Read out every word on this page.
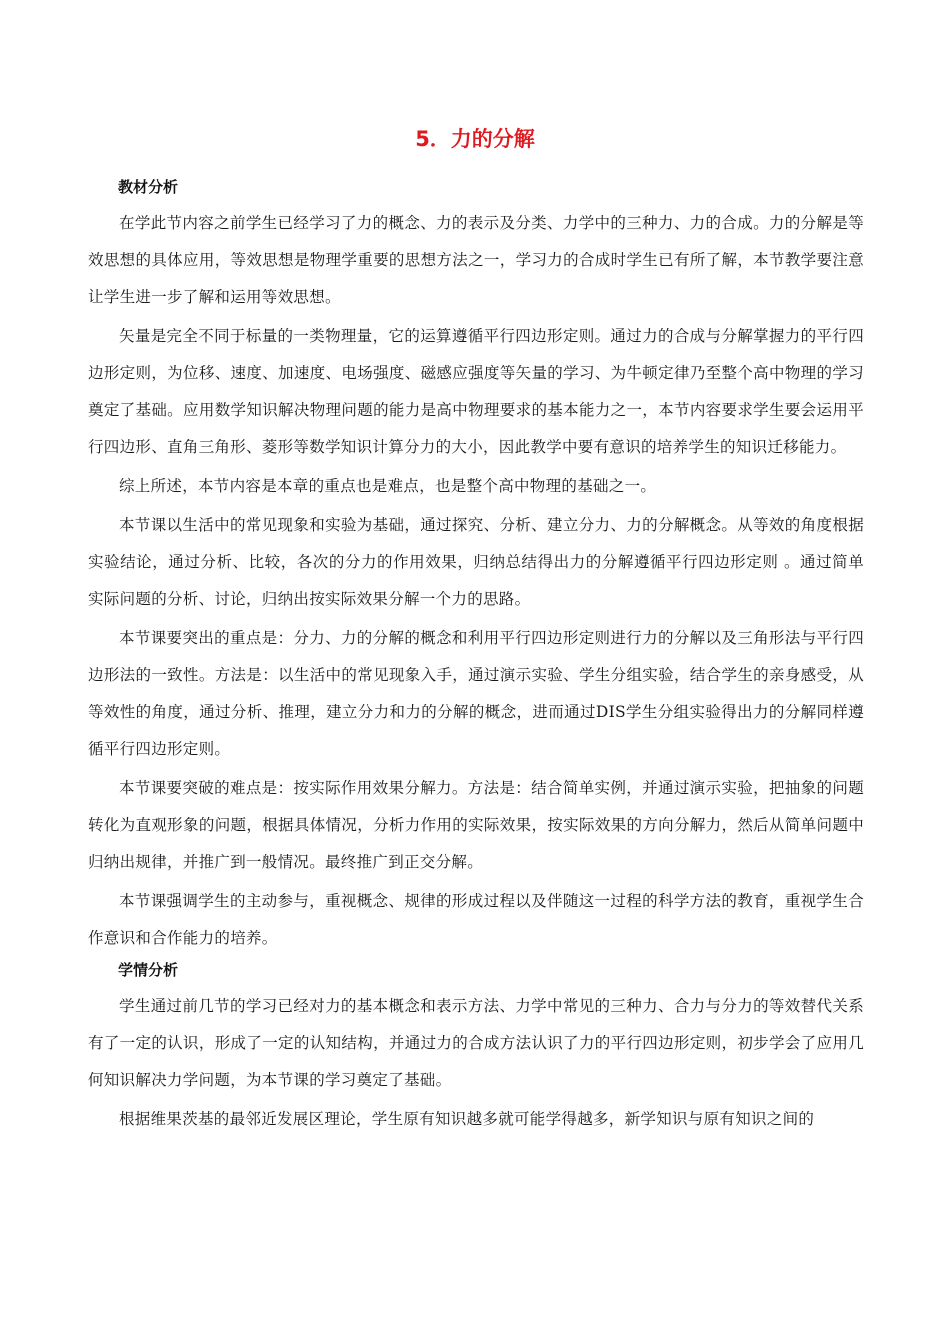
5．力的分解
教材分析

在学此节内容之前学生已经学习了力的概念、力的表示及分类、力学中的三种力、力的合成。力的分解是等效思想的具体应用，等效思想是物理学重要的思想方法之一，学习力的合成时学生已有所了解，本节教学要注意让学生进一步了解和运用等效思想。

矢量是完全不同于标量的一类物理量，它的运算遵循平行四边形定则。通过力的合成与分解掌握力的平行四边形定则，为位移、速度、加速度、电场强度、磁感应强度等矢量的学习、为牛顿定律乃至整个高中物理的学习奠定了基础。应用数学知识解决物理问题的能力是高中物理要求的基本能力之一，本节内容要求学生要会运用平行四边形、直角三角形、菱形等数学知识计算分力的大小，因此教学中要有意识的培养学生的知识迁移能力。

综上所述，本节内容是本章的重点也是难点，也是整个高中物理的基础之一。

本节课以生活中的常见现象和实验为基础，通过探究、分析、建立分力、力的分解概念。从等效的角度根据实验结论，通过分析、比较，各次的分力的作用效果，归纳总结得出力的分解遵循平行四边形定则 。通过简单实际问题的分析、讨论，归纳出按实际效果分解一个力的思路。

本节课要突出的重点是：分力、力的分解的概念和利用平行四边形定则进行力的分解以及三角形法与平行四边形法的一致性。方法是：以生活中的常见现象入手，通过演示实验、学生分组实验，结合学生的亲身感受，从等效性的角度，通过分析、推理，建立分力和力的分解的概念，进而通过DIS学生分组实验得出力的分解同样遵循平行四边形定则。

本节课要突破的难点是：按实际作用效果分解力。方法是：结合简单实例，并通过演示实验，把抽象的问题转化为直观形象的问题，根据具体情况，分析力作用的实际效果，按实际效果的方向分解力，然后从简单问题中归纳出规律，并推广到一般情况。最终推广到正交分解。

本节课强调学生的主动参与，重视概念、规律的形成过程以及伴随这一过程的科学方法的教育，重视学生合作意识和合作能力的培养。

学情分析

学生通过前几节的学习已经对力的基本概念和表示方法、力学中常见的三种力、合力与分力的等效替代关系有了一定的认识，形成了一定的认知结构，并通过力的合成方法认识了力的平行四边形定则，初步学会了应用几何知识解决力学问题，为本节课的学习奠定了基础。

根据维果茨基的最邻近发展区理论，学生原有知识越多就可能学得越多，新学知识与原有知识之间的
